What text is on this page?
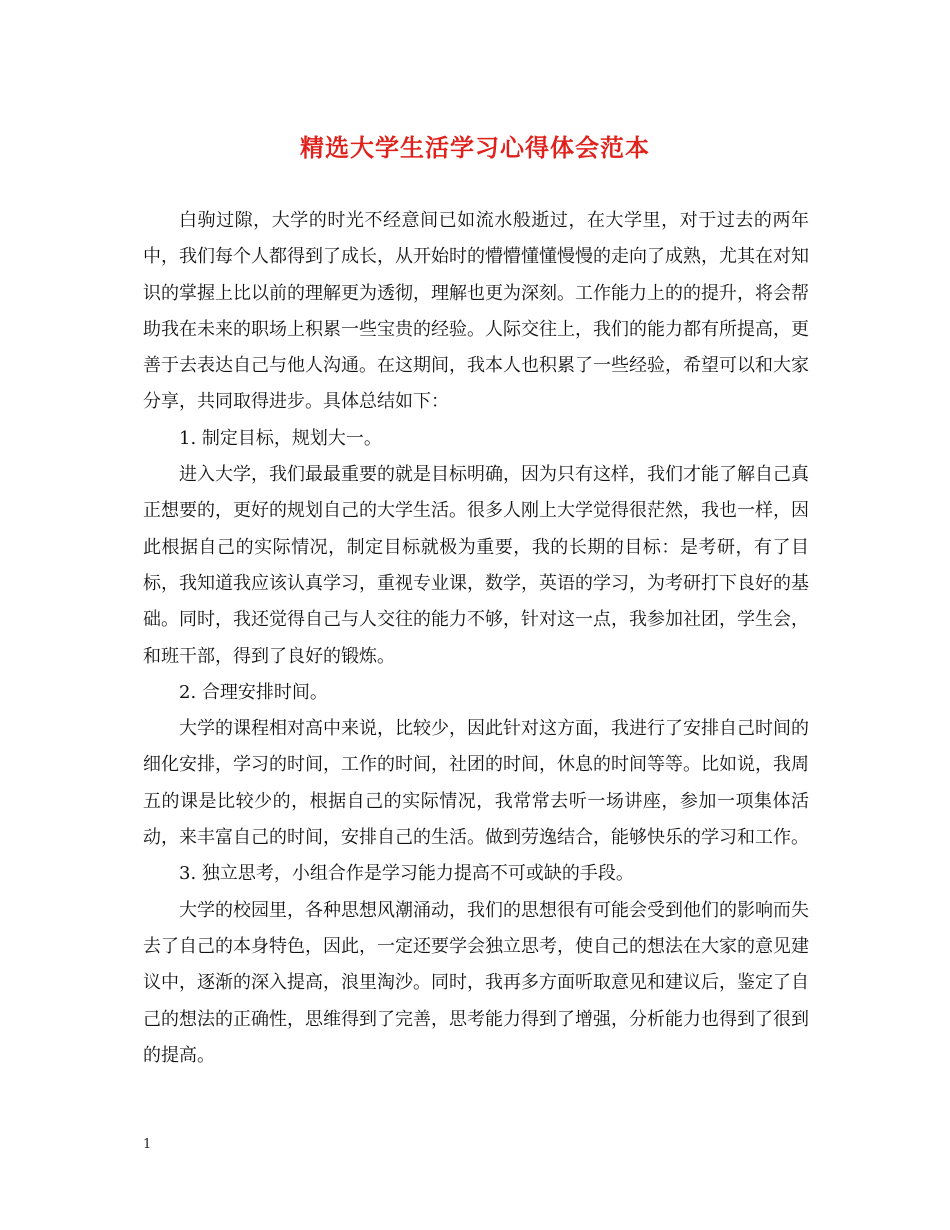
精选大学生活学习心得体会范本

白驹过隙，大学的时光不经意间已如流水般逝过，在大学里，对于过去的两年中，我们每个人都得到了成长，从开始时的懵懵懂懂慢慢的走向了成熟，尤其在对知识的掌握上比以前的理解更为透彻，理解也更为深刻。工作能力上的的提升，将会帮助我在未来的职场上积累一些宝贵的经验。人际交往上，我们的能力都有所提高，更善于去表达自己与他人沟通。在这期间，我本人也积累了一些经验，希望可以和大家分享，共同取得进步。具体总结如下：

1. 制定目标，规划大一。

进入大学，我们最最重要的就是目标明确，因为只有这样，我们才能了解自己真正想要的，更好的规划自己的大学生活。很多人刚上大学觉得很茫然，我也一样，因此根据自己的实际情况，制定目标就极为重要，我的长期的目标：是考研，有了目标，我知道我应该认真学习，重视专业课，数学，英语的学习，为考研打下良好的基础。同时，我还觉得自己与人交往的能力不够，针对这一点，我参加社团，学生会，和班干部，得到了良好的锻炼。

2. 合理安排时间。

大学的课程相对高中来说，比较少，因此针对这方面，我进行了安排自己时间的细化安排，学习的时间，工作的时间，社团的时间，休息的时间等等。比如说，我周五的课是比较少的，根据自己的实际情况，我常常去听一场讲座，参加一项集体活动，来丰富自己的时间，安排自己的生活。做到劳逸结合，能够快乐的学习和工作。

3. 独立思考，小组合作是学习能力提高不可或缺的手段。

大学的校园里，各种思想风潮涌动，我们的思想很有可能会受到他们的影响而失去了自己的本身特色，因此，一定还要学会独立思考，使自己的想法在大家的意见建议中，逐渐的深入提高，浪里淘沙。同时，我再多方面听取意见和建议后，鉴定了自己的想法的正确性，思维得到了完善，思考能力得到了增强，分析能力也得到了很到的提高。

1
